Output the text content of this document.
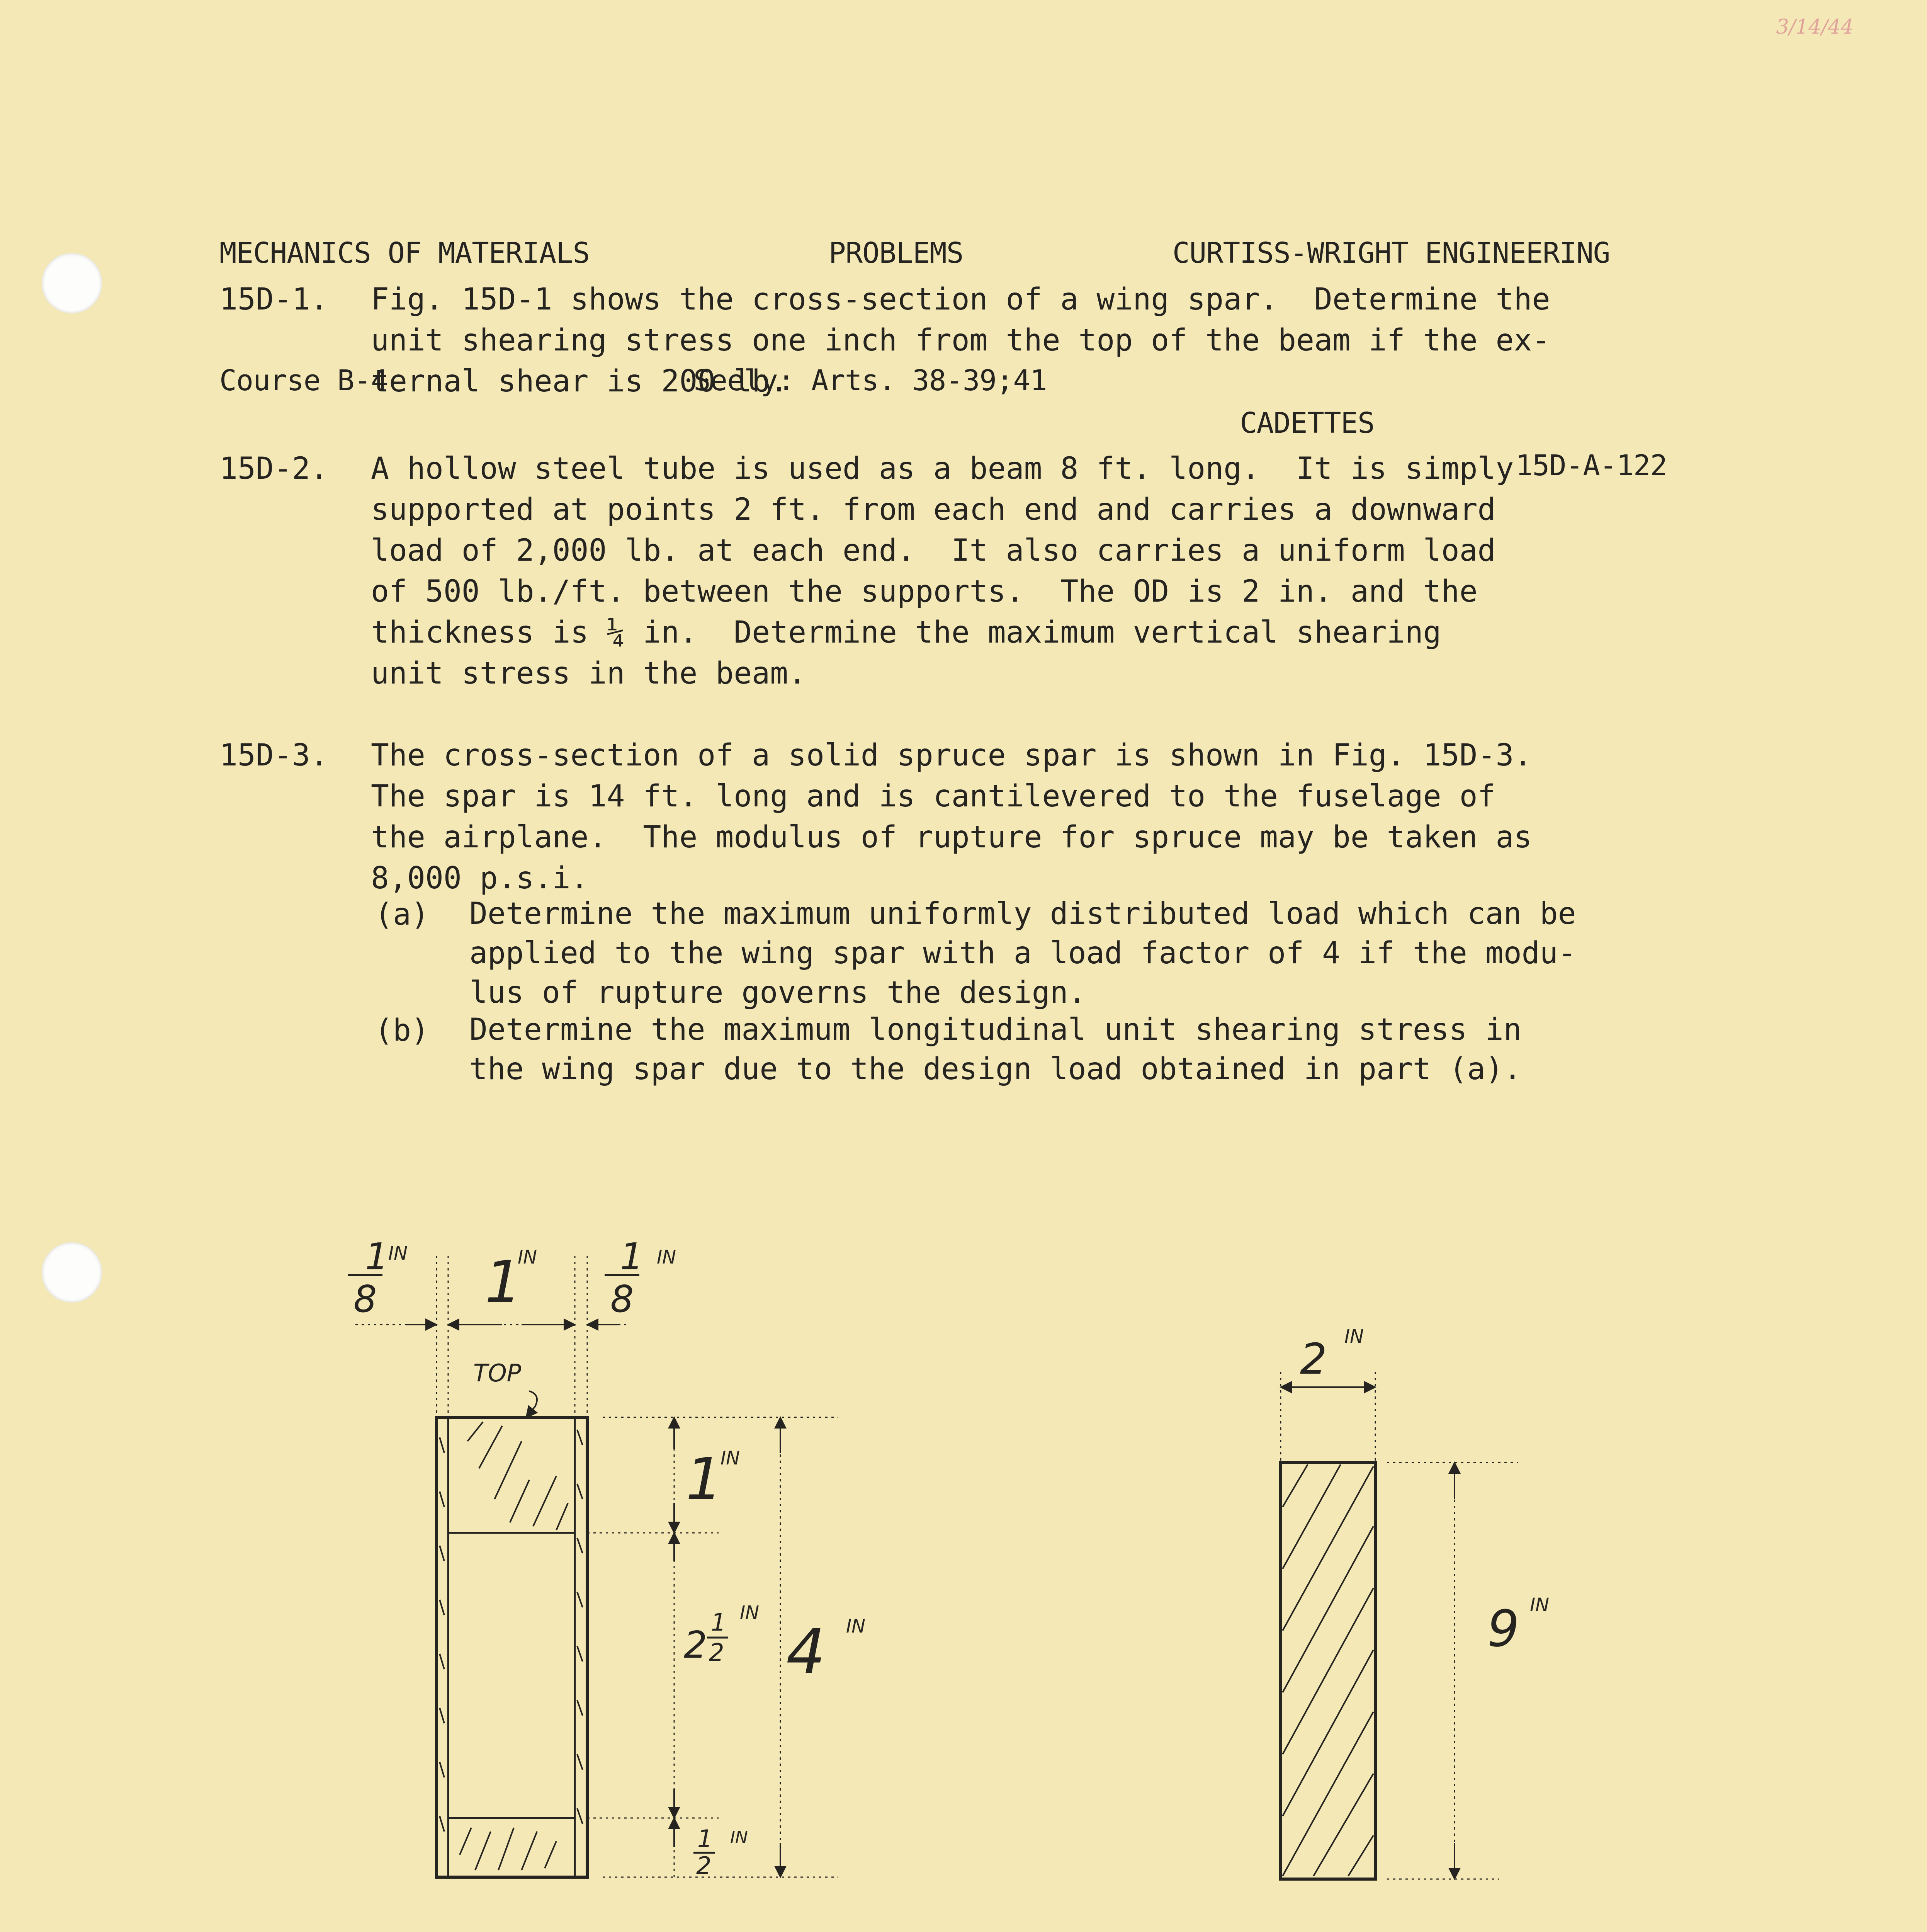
3/14/44

MECHANICS OF MATERIALS

Course B-4

PROBLEMS

Seely: Arts. 38-39;41

CURTISS-WRIGHT ENGINEERING

CADETTES

15D-A-122

15D-1. Fig. 15D-1 shows the cross-section of a wing spar.  Determine the
unit shearing stress one inch from the top of the beam if the ex-
ternal shear is 200 lb.
15D-2. A hollow steel tube is used as a beam 8 ft. long.  It is simply
supported at points 2 ft. from each end and carries a downward
load of 2,000 lb. at each end.  It also carries a uniform load
of 500 lb./ft. between the supports.  The OD is 2 in. and the
thickness is ¼ in.  Determine the maximum vertical shearing
unit stress in the beam.
15D-3. The cross-section of a solid spruce spar is shown in Fig. 15D-3.
The spar is 14 ft. long and is cantilevered to the fuselage of
the airplane.  The modulus of rupture for spruce may be taken as
8,000 p.s.i.
(a) Determine the maximum uniformly distributed load which can be
applied to the wing spar with a load factor of 4 if the modu-
lus of rupture governs the design.
(b) Determine the maximum longitudinal unit shearing stress in
the wing spar due to the design load obtained in part (a).
1
8
IN 1
IN 1
8
IN
TOP
1
IN
2
1
2
IN
4 IN
1
2
IN
2 IN
9 IN
